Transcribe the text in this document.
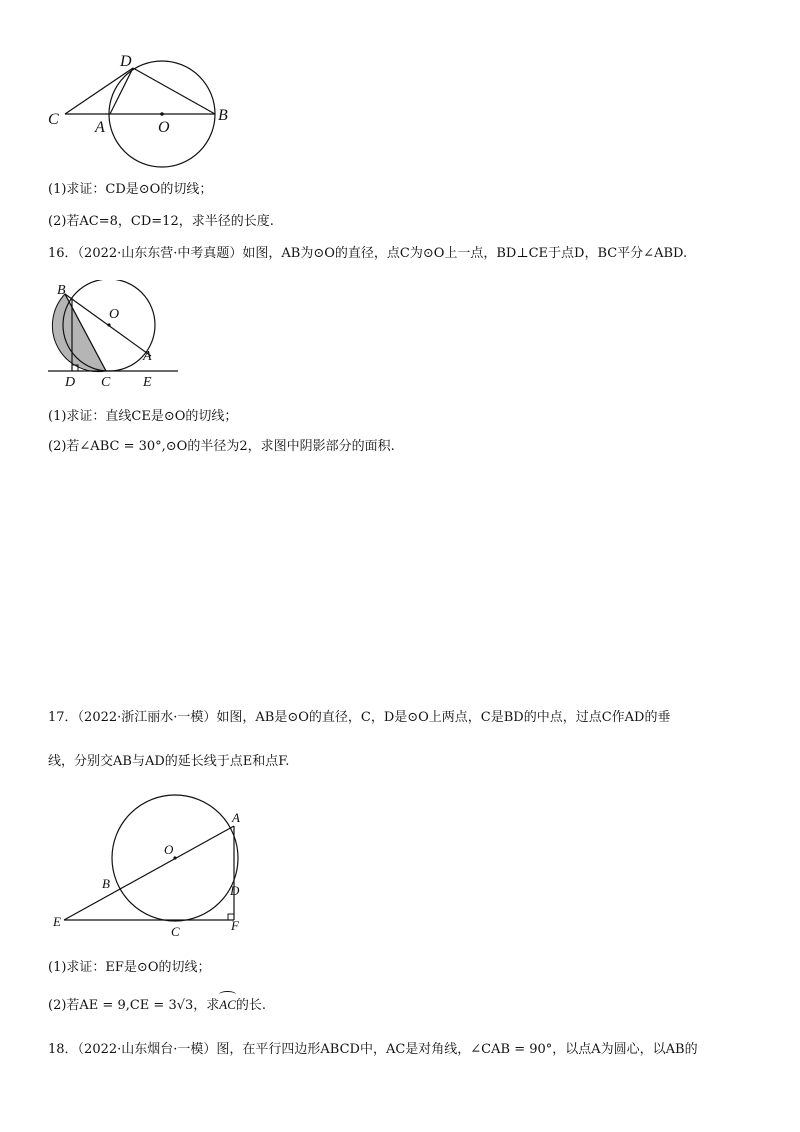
C A	O
B
D
(1)求证：CD是⊙O的切线；
(2)若AC=8，CD=12，求半径的长度.
16．（2022·山东东营·中考真题）如图，AB为⊙O的直径，点C为⊙O上一点，BD⊥CE于点D，BC平分∠ABD.
B
O
A
D C E
(1)求证：直线CE是⊙O的切线；
(2)若∠ABC = 30°,⊙O的半径为2，求图中阴影部分的面积.
17．（2022·浙江丽水·一模）如图，AB是⊙O的直径，C，D是⊙O上两点，C是BD的中点，过点C作AD的垂
线，分别交AB与AD的延长线于点E和点F.
A
O
B	D
E
C	F
(1)求证：EF是⊙O的切线；
(2)若AE = 9,CE = 3√3，求AC的长.
18．（2022·山东烟台·一模）图，在平行四边形ABCD中，AC是对角线，∠CAB = 90°，以点A为圆心，以AB的
